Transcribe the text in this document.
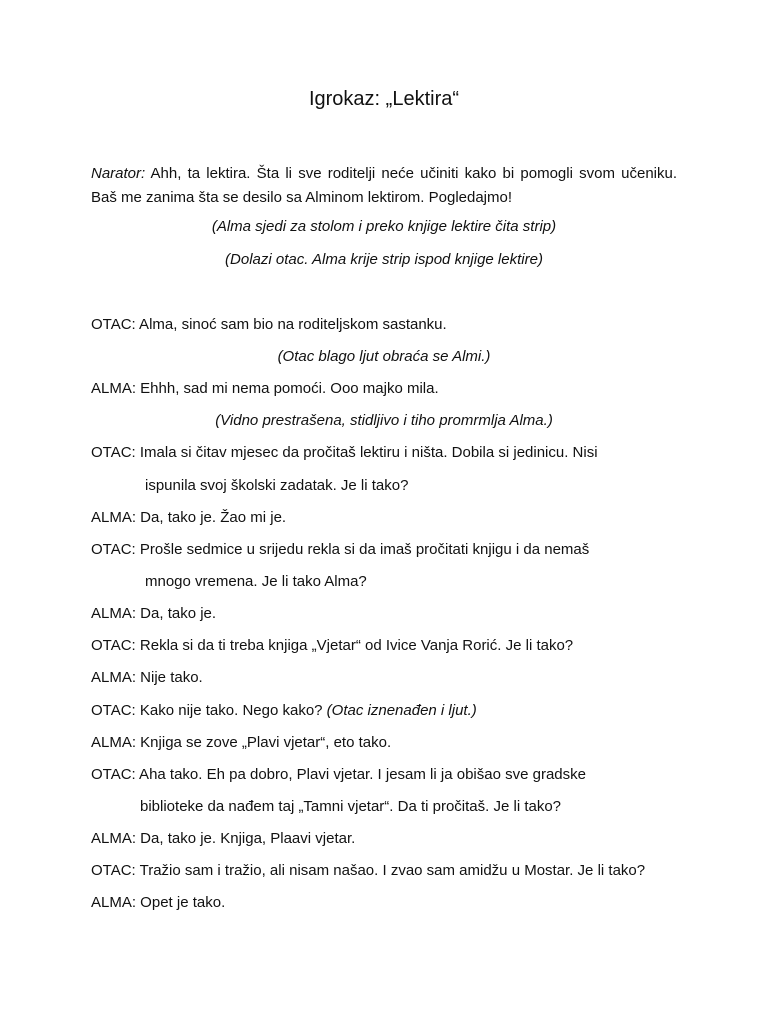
Igrokaz: „Lektira“
Narator: Ahh, ta lektira. Šta li sve roditelji neće učiniti kako bi pomogli svom učeniku. Baš me zanima šta se desilo sa Alminom lektirom. Pogledajmo!
(Alma sjedi za stolom i preko knjige lektire čita strip)
(Dolazi otac. Alma krije strip ispod knjige lektire)
OTAC: Alma, sinoć sam bio na roditeljskom sastanku.
(Otac blago ljut obraća se Almi.)
ALMA: Ehhh, sad mi nema pomoći. Ooo majko mila.
(Vidno prestrašena, stidljivo i tiho promrmlja Alma.)
OTAC: Imala si čitav mjesec da pročitaš lektiru i ništa. Dobila si jedinicu. Nisi
ispunila svoj školski zadatak. Je li tako?
ALMA: Da, tako je. Žao mi je.
OTAC: Prošle sedmice u srijedu rekla si da imaš pročitati knjigu i da nemaš
mnogo vremena. Je li tako Alma?
ALMA: Da, tako je.
OTAC: Rekla si da ti treba knjiga „Vjetar“ od Ivice Vanja Rorić. Je li tako?
ALMA: Nije tako.
OTAC: Kako nije tako. Nego kako? (Otac iznenađen i ljut.)
ALMA: Knjiga se zove „Plavi vjetar“, eto tako.
OTAC: Aha tako. Eh pa dobro, Plavi vjetar. I jesam li ja obišao sve gradske
biblioteke da nađem taj „Tamni vjetar“. Da ti pročitaš. Je li tako?
ALMA: Da, tako je. Knjiga, Plaavi vjetar.
OTAC: Tražio sam i tražio, ali nisam našao. I zvao sam amidžu u Mostar. Je li tako?
ALMA: Opet je tako.
